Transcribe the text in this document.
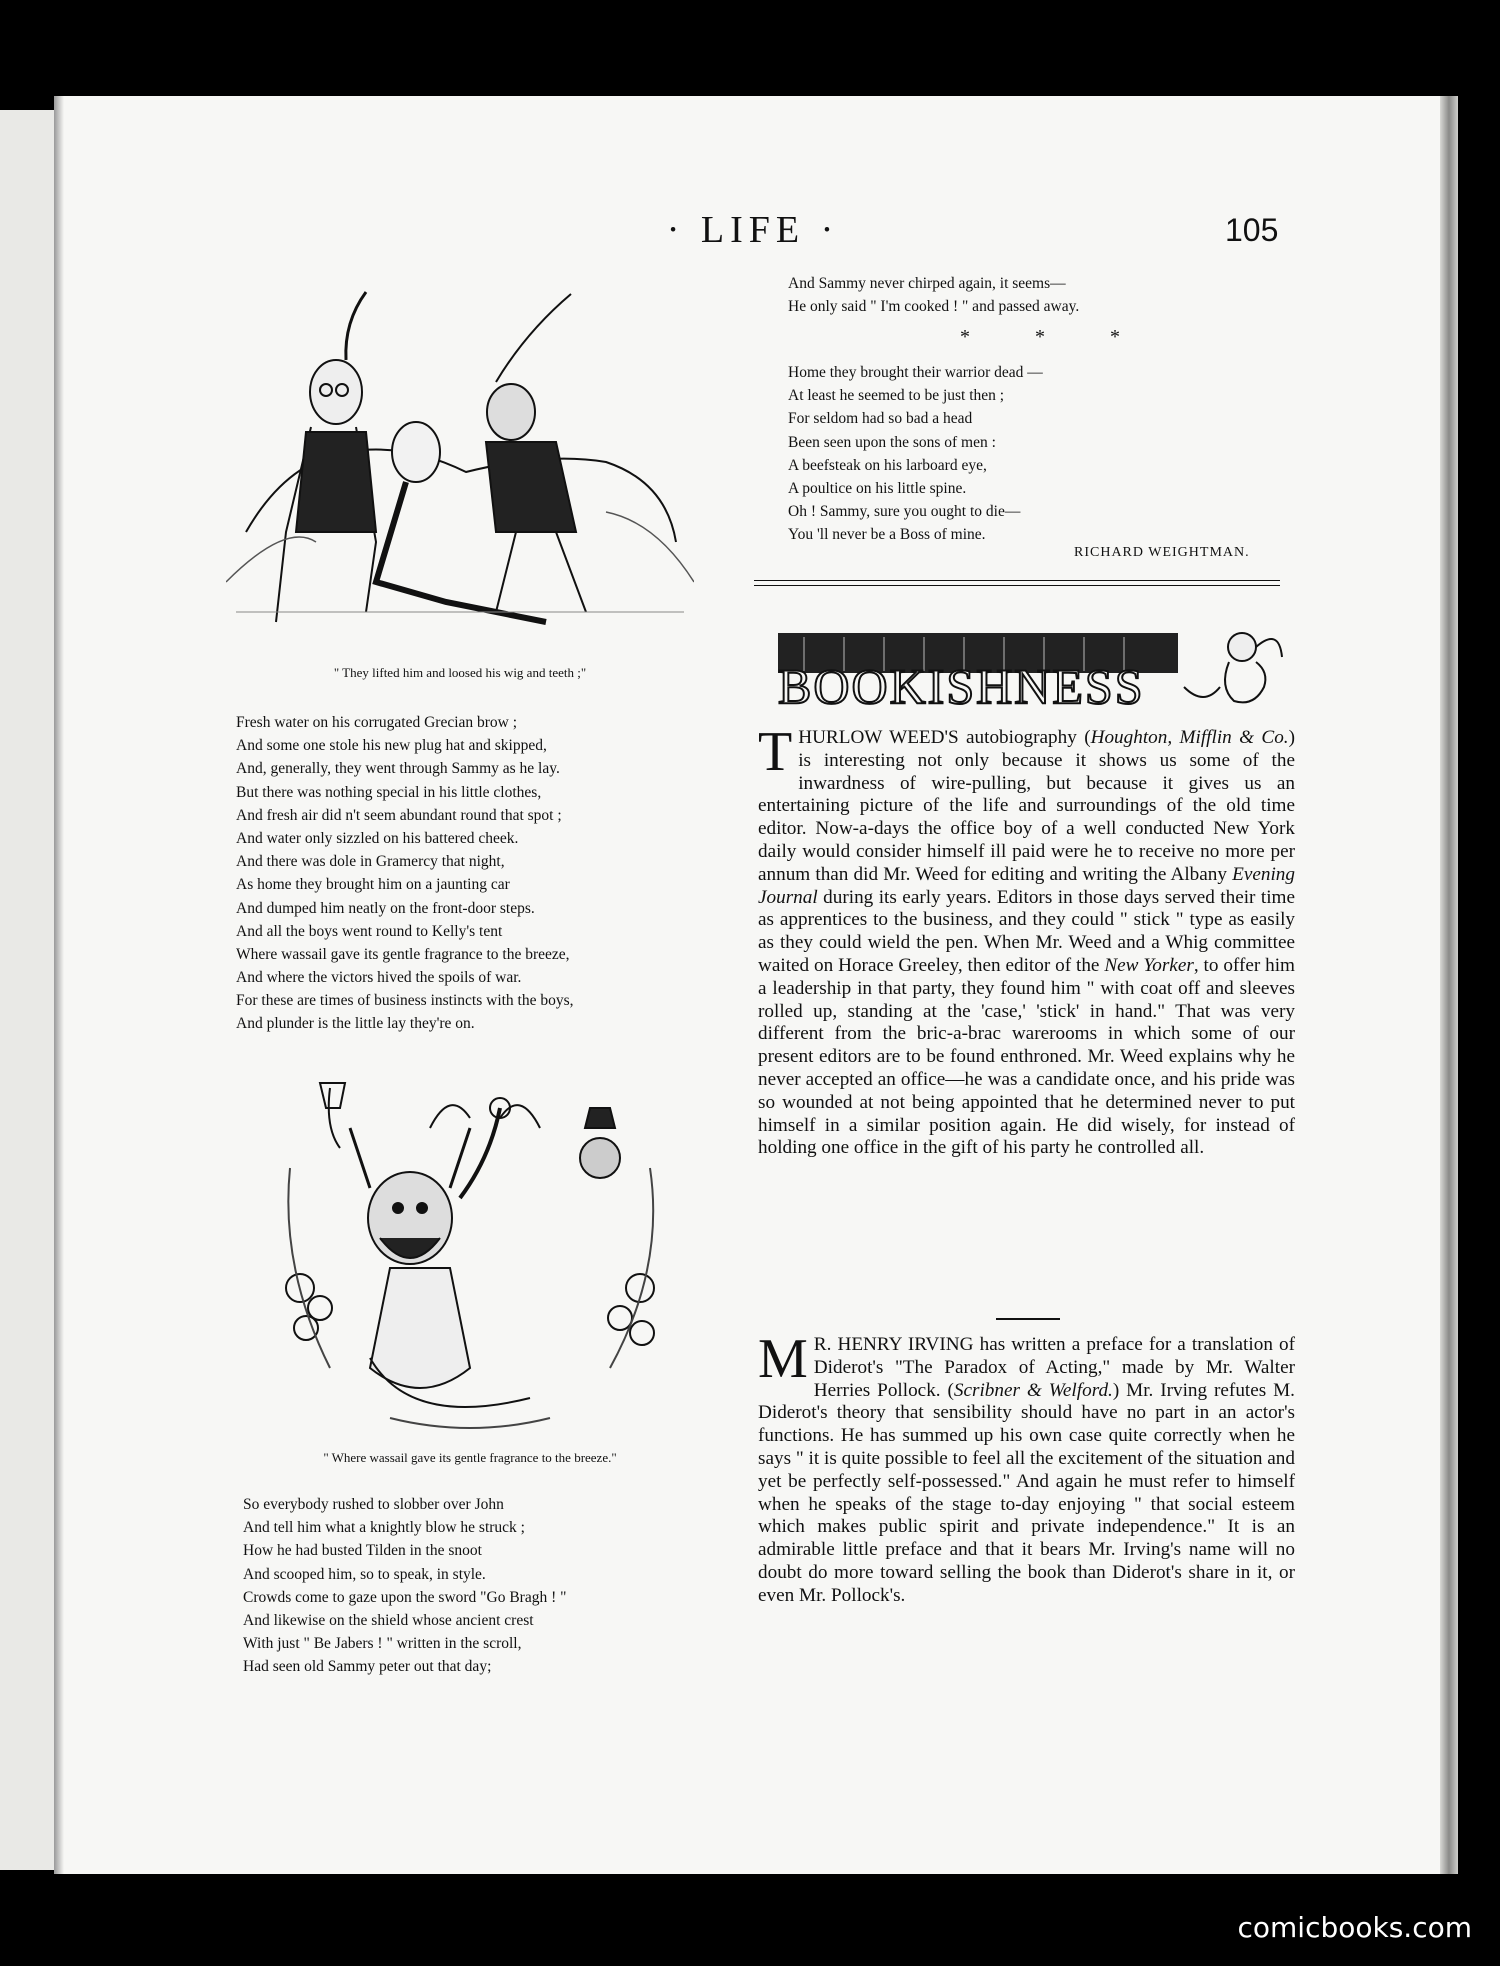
· LIFE ·	105
" They lifted him and loosed his wig and teeth ;"
Fresh water on his corrugated Grecian brow ;
And some one stole his new plug hat and skipped,
And, generally, they went through Sammy as he lay.
But there was nothing special in his little clothes,
And fresh air did n't seem abundant round that spot ;
And water only sizzled on his battered cheek.
And there was dole in Gramercy that night,
As home they brought him on a jaunting car
And dumped him neatly on the front-door steps.
And all the boys went round to Kelly's tent
Where wassail gave its gentle fragrance to the breeze,
And where the victors hived the spoils of war.
For these are times of business instincts with the boys,
And plunder is the little lay they're on.
" Where wassail gave its gentle fragrance to the breeze."
So everybody rushed to slobber over John
And tell him what a knightly blow he struck ;
How he had busted Tilden in the snoot
And scooped him, so to speak, in style.
Crowds come to gaze upon the sword "Go Bragh ! "
And likewise on the shield whose ancient crest
With just " Be Jabers ! " written in the scroll,
Had seen old Sammy peter out that day;
And Sammy never chirped again, it seems—
He only said " I'm cooked ! " and passed away.
* * *
Home they brought their warrior dead —
At least he seemed to be just then ;
For seldom had so bad a head
Been seen upon the sons of men :
A beefsteak on his larboard eye,
A poultice on his little spine.
Oh ! Sammy, sure you ought to die—
You 'll never be a Boss of mine.
RICHARD WEIGHTMAN.
BOOKISHNESS
THURLOW WEED'S autobiography (Houghton, Mifflin & Co.) is interesting not only because it shows us some of the inwardness of wire-pulling, but because it gives us an entertaining picture of the life and surroundings of the old time editor. Now-a-days the office boy of a well conducted New York daily would consider himself ill paid were he to receive no more per annum than did Mr. Weed for editing and writing the Albany Evening Journal during its early years. Editors in those days served their time as apprentices to the business, and they could " stick " type as easily as they could wield the pen. When Mr. Weed and a Whig committee waited on Horace Greeley, then editor of the New Yorker, to offer him a leadership in that party, they found him " with coat off and sleeves rolled up, standing at the 'case,' 'stick' in hand." That was very different from the bric-a-brac warerooms in which some of our present editors are to be found enthroned. Mr. Weed explains why he never accepted an office—he was a candidate once, and his pride was so wounded at not being appointed that he determined never to put himself in a similar position again. He did wisely, for instead of holding one office in the gift of his party he controlled all.
M R. HENRY IRVING has written a preface for a translation of Diderot's "The Paradox of Acting," made by Mr. Walter Herries Pollock. (Scribner & Welford.) Mr. Irving refutes M. Diderot's theory that sensibility should have no part in an actor's functions. He has summed up his own case quite correctly when he says " it is quite possible to feel all the excitement of the situation and yet be perfectly self-possessed." And again he must refer to himself when he speaks of the stage to-day enjoying " that social esteem which makes public spirit and private independence." It is an admirable little preface and that it bears Mr. Irving's name will no doubt do more toward selling the book than Diderot's share in it, or even Mr. Pollock's.
comicbooks.com
